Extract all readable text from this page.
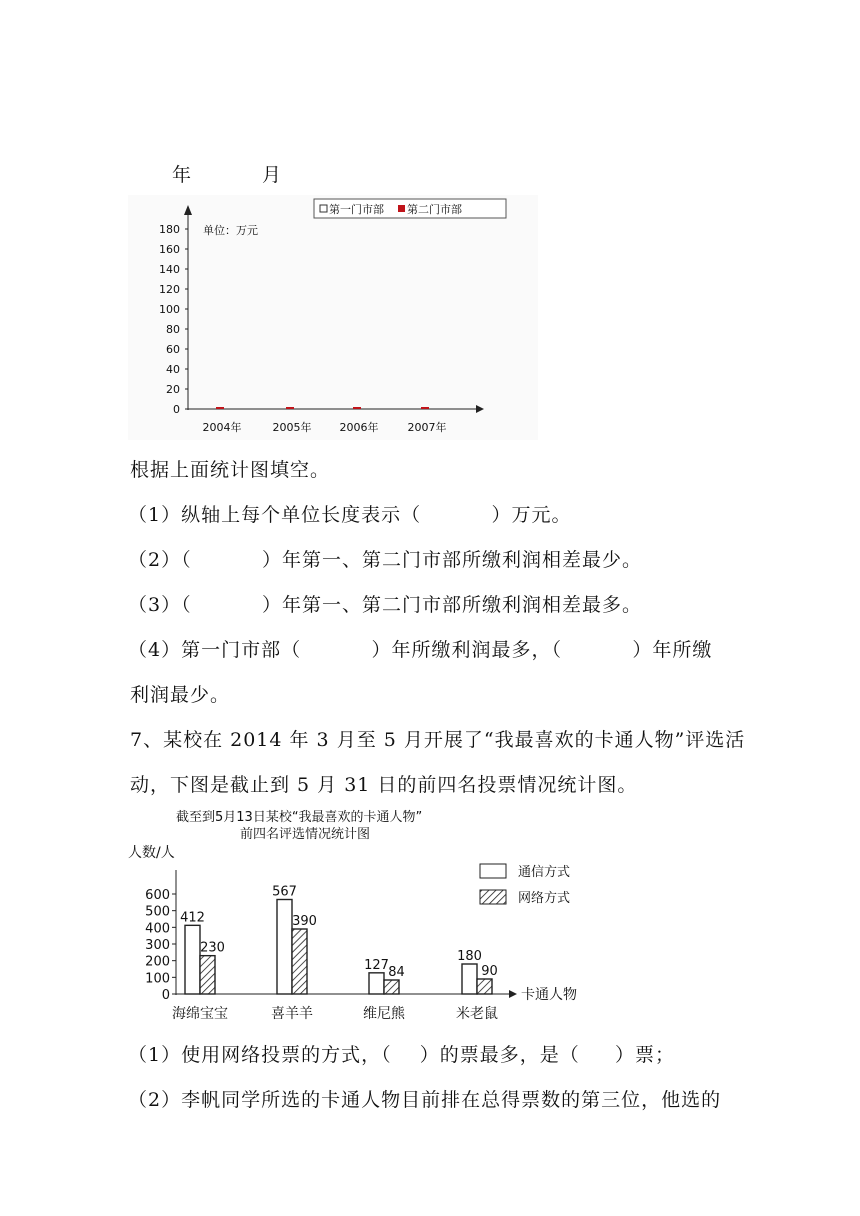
年	月
第一门市部 第二门市部
单位：万元
0
20
40
60
80
100
120
140
160
180
2004年	2005年	2006年	2007年
根据上面统计图填空。
（1）纵轴上每个单位长度表示（          ）万元。
（2）（          ）年第一、第二门市部所缴利润相差最少。
（3）（          ）年第一、第二门市部所缴利润相差最多。
（4）第一门市部（          ）年所缴利润最多，（          ）年所缴
利润最少。
7、某校在 2014 年 3 月至 5 月开展了“我最喜欢的卡通人物”评选活
动，下图是截止到 5 月 31 日的前四名投票情况统计图。
截至到5月13日某校“我最喜欢的卡通人物”
前四名评选情况统计图
人数/人
通信方式
网络方式
卡通人物
0
100
200
300
400
500
600
海绵宝宝	喜羊羊	维尼熊	米老鼠
412
230
567
390
127 84
180
90
（1）使用网络投票的方式，（    ）的票最多，是（     ）票；
（2）李帆同学所选的卡通人物目前排在总得票数的第三位，他选的
